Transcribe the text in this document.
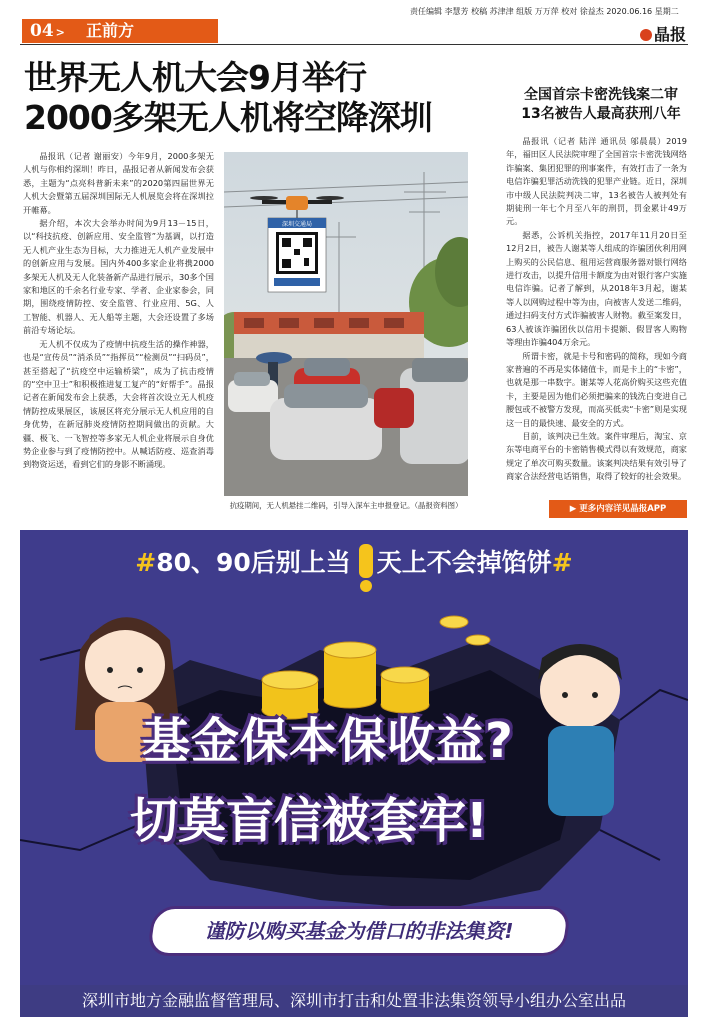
责任编辑 李慧芳 校稿 苏津津 组版 万万萍 校对 徐益杰 2020.06.16 星期二
04 > 正前方	晶报
世界无人机大会9月举行
2000多架无人机将空降深圳

晶报讯（记者 谢丽安）今年9月，2000多架无人机与你相约深圳！昨日，晶报记者从新闻发布会获悉，主题为“点亮科普新未来”的2020第四届世界无人机大会暨第五届深圳国际无人机展览会将在深圳拉开帷幕。

据介绍，本次大会举办时间为9月13－15日，以“科技抗疫、创新应用、安全监管”为基调，以打造无人机产业生态为目标，大力推进无人机产业发展中的创新应用与发展。国内外400多家企业将携2000多架无人机及无人化装备新产品进行展示，30多个国家和地区的千余名行业专家、学者、企业家参会，同期，围绕疫情防控、安全监管、行业应用、5G、人工智能、机器人、无人船等主题，大会还设置了多场前沿专场论坛。

无人机不仅成为了疫情中抗疫生活的操作神器，也是“宣传员”“消杀员”“指挥员”“检测员”“扫码员”，甚至搭起了“抗疫空中运输桥梁”，成为了抗击疫情的“空中卫士”和积极推进复工复产的“好帮手”。晶报记者在新闻发布会上获悉，大会将首次设立无人机疫情防控成果展区，该展区将充分展示无人机应用的自身优势，在新冠肺炎疫情防控期间做出的贡献。大疆、极飞、一飞智控等多家无人机企业将展示自身优势企业参与到了疫情防控中。从喊话防疫、巡查消毒到物资运送，看到它们的身影不断涌现。

深圳交通局
抗疫期间，无人机悬挂二维码，引导入深车主申报登记。（晶报资料图）
全国首宗卡密洗钱案二审
13名被告人最高获刑八年

晶报讯（记者 陆洋 通讯员 邬晨晨）2019年，福田区人民法院审理了全国首宗卡密洗钱网络诈骗案、集团犯罪的刑事案件，有效打击了一条为电信诈骗犯罪活动洗钱的犯罪产业链。近日，深圳市中级人民法院判决二审，13名被告人被判处有期徒刑一年七个月至八年的刑罚，罚金累计49万元。

据悉，公诉机关指控，2017年11月20日至12月2日，被告人谢某等人组成的诈骗团伙利用网上购买的公民信息、租用运营商服务器对银行网络进行攻击，以提升信用卡额度为由对银行客户实施电信诈骗。记者了解到，从2018年3月起，谢某等人以网购过程中等为由，向被害人发送二维码，通过扫码支付方式诈骗被害人财物。截至案发日，63人被该诈骗团伙以信用卡提额、假冒客人购物等理由诈骗404万余元。

所谓卡密，就是卡号和密码的简称，现如今商家普遍的不再是实体储值卡，而是卡上的“卡密”，也就是那一串数字。谢某等人花高价购买这些充值卡，主要是因为他们必须把骗来的钱洗白变进自己腰包或不被警方发现，而高买低卖“卡密”则是实现这一目的最快速、最安全的方式。

目前，该判决已生效。案件审理后，淘宝、京东等电商平台的卡密销售模式得以有效规范，商家规定了单次可购买数量。该案判决结果有效引导了商家合法经营电话销售，取得了较好的社会效果。

▶ 更多内容详见晶报APP
#80、90后别上当 天上不会掉馅饼#
基金保本保收益?
切莫盲信被套牢!
谨防以购买基金为借口的非法集资!
深圳市地方金融监督管理局、深圳市打击和处置非法集资领导小组办公室出品
